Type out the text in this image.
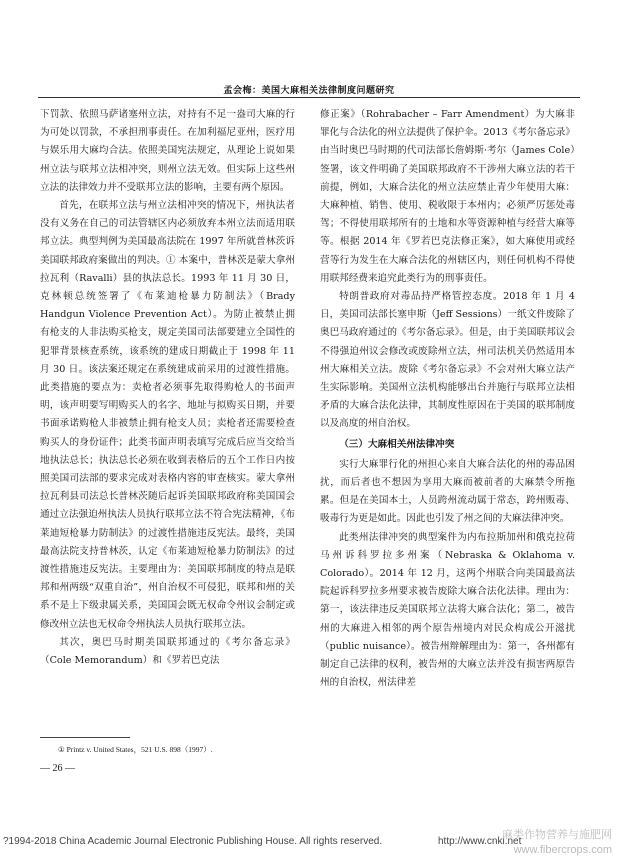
孟会梅：美国大麻相关法律制度问题研究

下罚款、依照马萨诸塞州立法，对持有不足一盎司大麻的行为可处以罚款，不承担刑事责任。在加利福尼亚州，医疗用与娱乐用大麻均合法。依照美国宪法规定，从理论上说如果州立法与联邦立法相冲突，则州立法无效。但实际上这些州立法的法律效力并不受联邦立法的影响，主要有两个原因。

首先，在联邦立法与州立法相冲突的情况下，州执法者没有义务在自己的司法管辖区内必须放弃本州立法而适用联邦立法。典型判例为美国最高法院在 1997 年所就普林茨诉美国联邦政府案做出的判决。① 本案中，普林茨是蒙大拿州拉瓦利（Ravalli）县的执法总长。1993 年 11 月 30 日，克林顿总统签署了《布莱迪枪暴力防制法》（Brady Handgun Violence Prevention Act）。为防止被禁止拥有枪支的人非法购买枪支，规定美国司法部要建立全国性的犯罪背景核查系统，该系统的建成日期截止于 1998 年 11 月 30 日。该法案还规定在系统建成前采用的过渡性措施。此类措施的要点为：卖枪者必须事先取得购枪人的书面声明，该声明要写明购买人的名字、地址与拟购买日期，并要书面承诺购枪人非被禁止拥有枪支人员；卖枪者还需要检查购买人的身份证件；此类书面声明表填写完成后应当交给当地执法总长；执法总长必须在收到表格后的五个工作日内按照美国司法部的要求完成对表格内容的审查核实。蒙大拿州拉瓦利县司法总长普林茨随后起诉美国联邦政府称美国国会通过立法强迫州执法人员执行联邦立法不符合宪法精神，《布莱迪短枪暴力防制法》的过渡性措施违反宪法。最终，美国最高法院支持普林茨，认定《布莱迪短枪暴力防制法》的过渡性措施违反宪法。主要理由为：美国联邦制度的特点是联邦和州两级“双重自治”，州自治权不可侵犯，联邦和州的关系不是上下级隶属关系，美国国会既无权命令州议会制定或修改州立法也无权命令州执法人员执行联邦立法。

其次，奥巴马时期美国联邦通过的《考尔备忘录》（Cole Memorandum）和《罗若巴克法

修正案》（Rohrabacher – Farr Amendment）为大麻非罪化与合法化的州立法提供了保护伞。2013《考尔备忘录》由当时奥巴马时期的代司法部长詹姆斯·考尔（James Cole）签署，该文件明确了美国联邦政府不干涉州大麻立法的若干前提，例如，大麻合法化的州立法应禁止青少年使用大麻：大麻种植、销售、使用、税收限于本州内；必须严厉惩处毒驾；不得使用联邦所有的土地和水等资源种植与经营大麻等等。根据 2014 年《罗若巴克法修正案》，如大麻使用或经营等行为发生在大麻合法化的州辖区内，则任何机构不得使用联邦经费来追究此类行为的刑事责任。

特朗普政府对毒品持严格管控态度。2018 年 1 月 4 日，美国司法部长塞申斯（Jeff Sessions）一纸文件废除了奥巴马政府通过的《考尔备忘录》。但是，由于美国联邦议会不得强迫州议会修改或废除州立法，州司法机关仍然适用本州大麻相关立法。废除《考尔备忘录》不会对州大麻立法产生实际影响。美国州立法机构能够出台并施行与联邦立法相矛盾的大麻合法化法律，其制度性原因在于美国的联邦制度以及高度的州自治权。

（三）大麻相关州法律冲突

实行大麻罪行化的州担心来自大麻合法化的州的毒品困扰，而后者也不想因为享用大麻而被前者的大麻禁令所拖累。但是在美国本土，人员跨州流动属于常态，跨州贩毒、吸毒行为更是如此。因此也引发了州之间的大麻法律冲突。

此类州法律冲突的典型案件为内布拉斯加州和俄克拉荷马州诉科罗拉多州案（Nebraska & Oklahoma v. Colorado）。2014 年 12 月，这两个州联合向美国最高法院起诉科罗拉多州要求被告废除大麻合法化法律。理由为：第一，该法律违反美国联邦立法将大麻合法化；第二，被告州的大麻进入相邻的两个原告州境内对民众构成公开滋扰（public nuisance）。被告州辩解理由为：第一，各州都有制定自己法律的权利，被告州的大麻立法并没有损害两原告州的自治权，州法律差

① Printz v. United States，521 U.S. 898（1997）.
— 26 —
?1994-2018 China Academic Journal Electronic Publishing House. All rights reserved.	http://www.cnki.net
麻类作物营养与施肥网
www.fibercrops.com
